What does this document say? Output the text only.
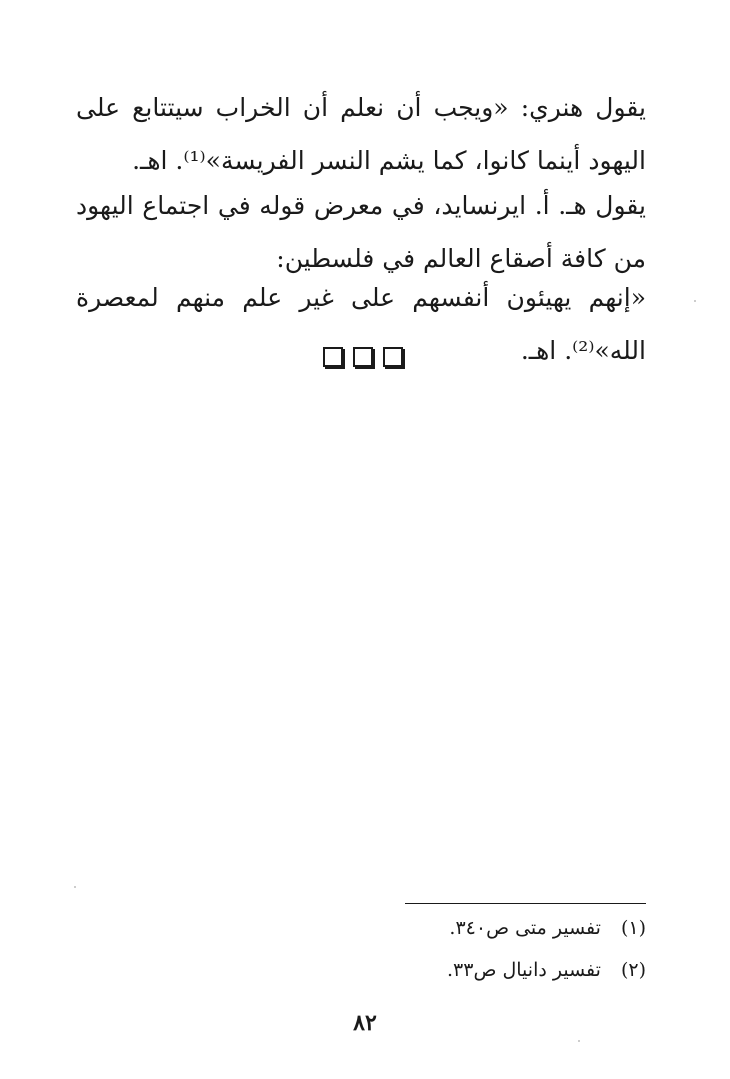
يقول هنري: «ويجب أن نعلم أن الخراب سيتتابع على اليهود أينما كانوا، كما يشم النسر الفريسة»⁽¹⁾. اهـ.

يقول هـ. أ. ايرنسايد، في معرض قوله في اجتماع اليهود من كافة أصقاع العالم في فلسطين:

«إنهم يهيئون أنفسهم على غير علم منهم لمعصرة الله»⁽²⁾. اهـ.

(١)
تفسير متى ص٣٤٠.
(٢)
تفسير دانيال ص٣٣.
٨٢
